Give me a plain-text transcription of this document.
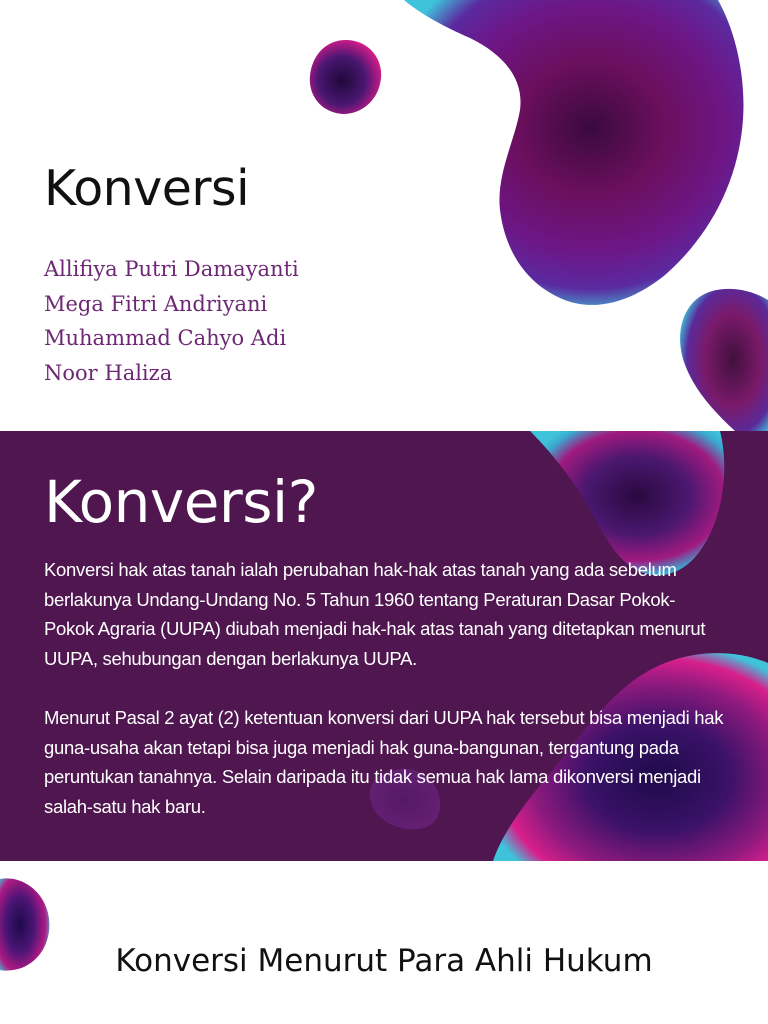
Konversi
Allifiya Putri Damayanti
Mega Fitri Andriyani
Muhammad Cahyo Adi
Noor Haliza
Konversi?

Konversi hak atas tanah ialah perubahan hak-hak atas tanah yang ada sebelum berlakunya Undang-Undang No. 5 Tahun 1960 tentang Peraturan Dasar Pokok-Pokok Agraria (UUPA) diubah menjadi hak-hak atas tanah yang ditetapkan menurut UUPA, sehubungan dengan berlakunya UUPA.

Menurut Pasal 2 ayat (2) ketentuan konversi dari UUPA hak tersebut bisa menjadi hak guna-usaha akan tetapi bisa juga menjadi hak guna-bangunan, tergantung pada peruntukan tanahnya. Selain daripada itu tidak semua hak lama dikonversi menjadi salah-satu hak baru.

Konversi Menurut Para Ahli Hukum
